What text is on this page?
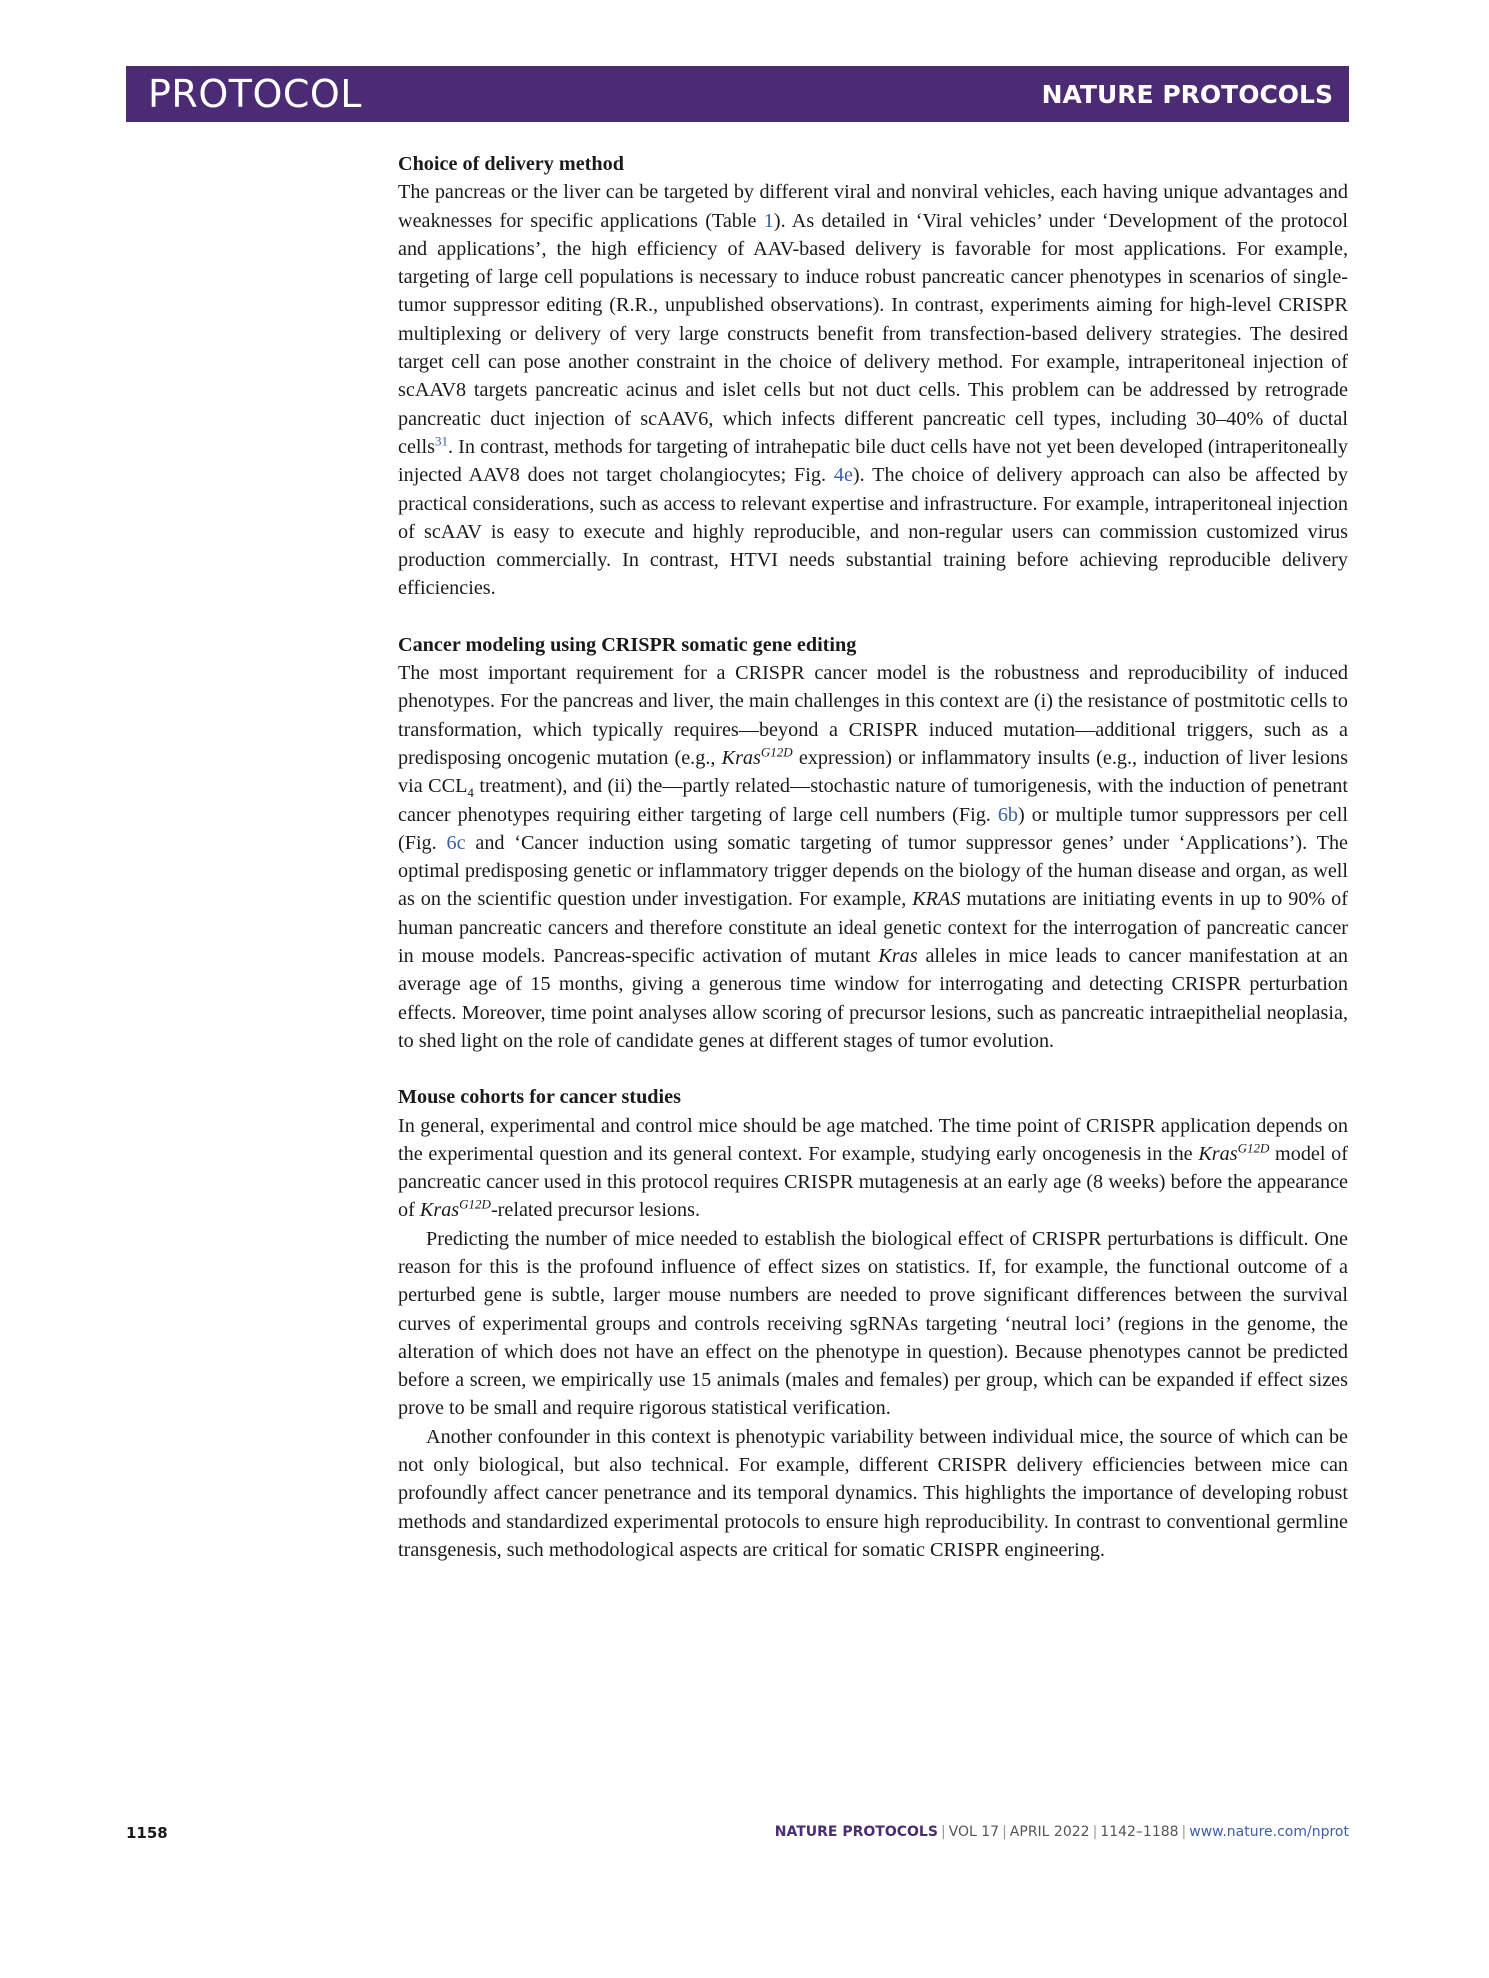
PROTOCOL	NATURE PROTOCOLS

Choice of delivery method

The pancreas or the liver can be targeted by different viral and nonviral vehicles, each having unique advantages and weaknesses for specific applications (Table 1). As detailed in ‘Viral vehicles’ under ‘Development of the protocol and applications’, the high efficiency of AAV-based delivery is favorable for most applications. For example, targeting of large cell populations is necessary to induce robust pancreatic cancer phenotypes in scenarios of single-tumor suppressor editing (R.R., unpublished observations). In contrast, experiments aiming for high-level CRISPR multiplexing or delivery of very large constructs benefit from transfection-based delivery strategies. The desired target cell can pose another constraint in the choice of delivery method. For example, intraperitoneal injection of scAAV8 targets pancreatic acinus and islet cells but not duct cells. This problem can be addressed by retrograde pancreatic duct injection of scAAV6, which infects different pancreatic cell types, including 30–40% of ductal cells$^{31}$. In contrast, methods for targeting of intrahepatic bile duct cells have not yet been developed (intraperitoneally injected AAV8 does not target cholangiocytes; Fig. 4e). The choice of delivery approach can also be affected by practical considerations, such as access to relevant expertise and infrastructure. For example, intraperitoneal injection of scAAV is easy to execute and highly reproducible, and non-regular users can commission customized virus production commercially. In contrast, HTVI needs substantial training before achieving reproducible delivery efficiencies.

Cancer modeling using CRISPR somatic gene editing

The most important requirement for a CRISPR cancer model is the robustness and reproducibility of induced phenotypes. For the pancreas and liver, the main challenges in this context are (i) the resistance of postmitotic cells to transformation, which typically requires—beyond a CRISPR induced mutation—additional triggers, such as a predisposing oncogenic mutation (e.g., Kras$^{G12D}$ expression) or inflammatory insults (e.g., induction of liver lesions via $CCL_4$ treatment), and (ii) the—partly related—stochastic nature of tumorigenesis, with the induction of penetrant cancer phenotypes requiring either targeting of large cell numbers (Fig. 6b) or multiple tumor suppressors per cell (Fig. 6c and ‘Cancer induction using somatic targeting of tumor suppressor genes’ under ‘Applications’). The optimal predisposing genetic or inflammatory trigger depends on the biology of the human disease and organ, as well as on the scientific question under investigation. For example, KRAS mutations are initiating events in up to 90% of human pancreatic cancers and therefore constitute an ideal genetic context for the interrogation of pancreatic cancer in mouse models. Pancreas-specific activation of mutant Kras alleles in mice leads to cancer manifestation at an average age of 15 months, giving a generous time window for interrogating and detecting CRISPR perturbation effects. Moreover, time point analyses allow scoring of precursor lesions, such as pancreatic intraepithelial neoplasia, to shed light on the role of candidate genes at different stages of tumor evolution.

Mouse cohorts for cancer studies

In general, experimental and control mice should be age matched. The time point of CRISPR application depends on the experimental question and its general context. For example, studying early oncogenesis in the Kras$^{G12D}$ model of pancreatic cancer used in this protocol requires CRISPR mutagenesis at an early age (8 weeks) before the appearance of Kras$^{G12D}$-related precursor lesions.

Predicting the number of mice needed to establish the biological effect of CRISPR perturbations is difficult. One reason for this is the profound influence of effect sizes on statistics. If, for example, the functional outcome of a perturbed gene is subtle, larger mouse numbers are needed to prove significant differences between the survival curves of experimental groups and controls receiving sgRNAs targeting ‘neutral loci’ (regions in the genome, the alteration of which does not have an effect on the phenotype in question). Because phenotypes cannot be predicted before a screen, we empirically use 15 animals (males and females) per group, which can be expanded if effect sizes prove to be small and require rigorous statistical verification.

Another confounder in this context is phenotypic variability between individual mice, the source of which can be not only biological, but also technical. For example, different CRISPR delivery efficiencies between mice can profoundly affect cancer penetrance and its temporal dynamics. This highlights the importance of developing robust methods and standardized experimental protocols to ensure high reproducibility. In contrast to conventional germline transgenesis, such methodological aspects are critical for somatic CRISPR engineering.

1158	NATURE PROTOCOLS | VOL 17 | APRIL 2022 | 1142–1188 | www.nature.com/nprot
